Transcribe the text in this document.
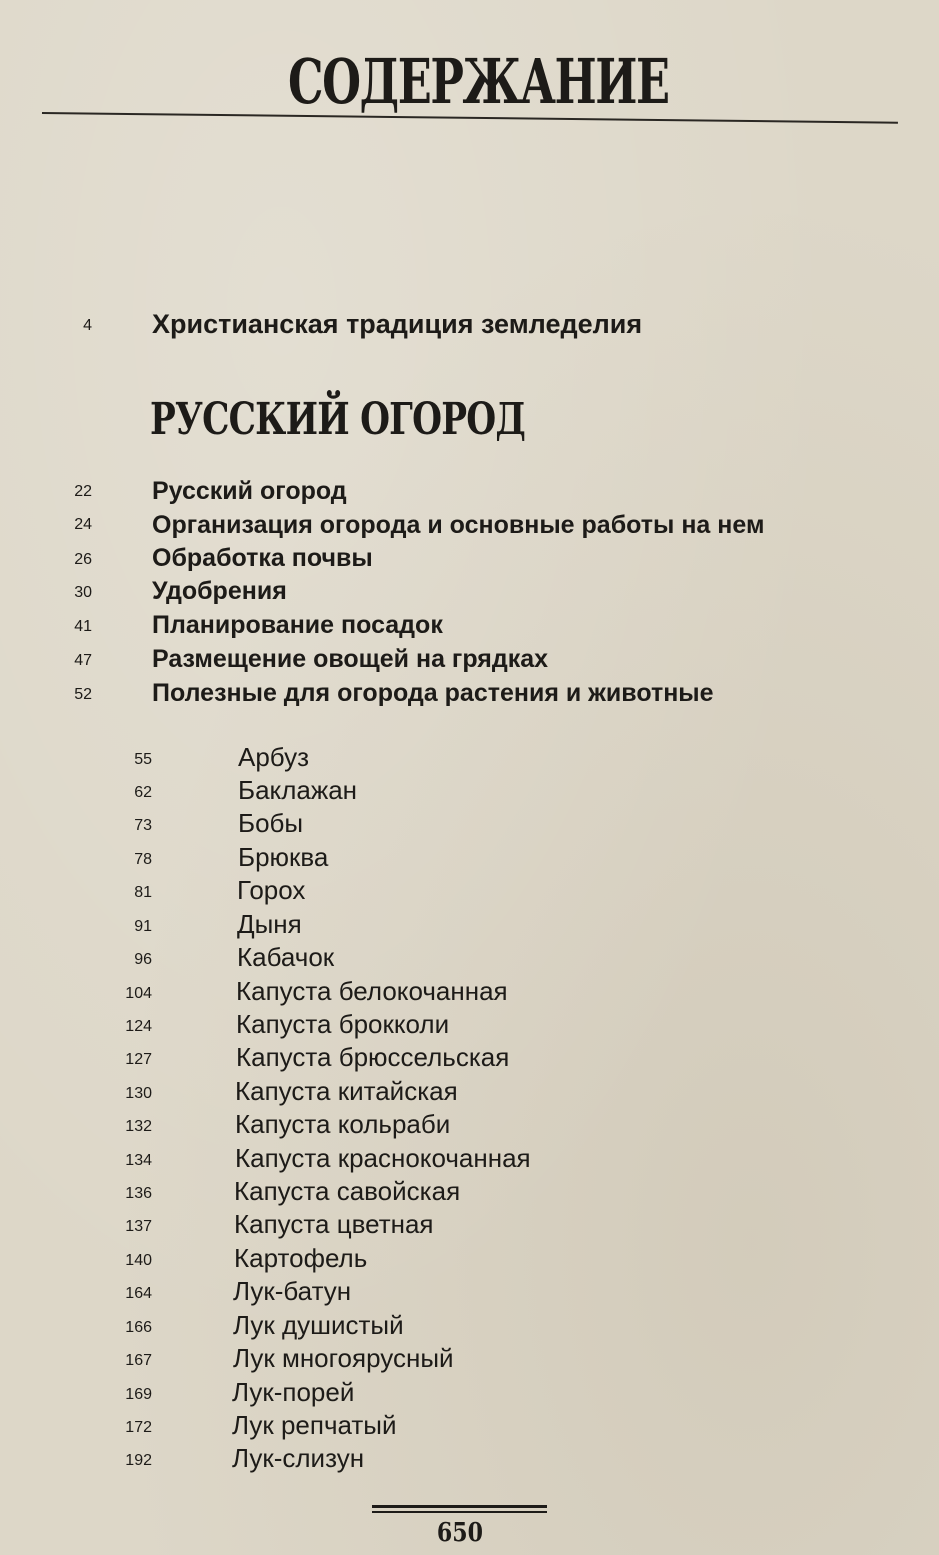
СОДЕРЖАНИЕ
4 Христианская традиция земледелия
РУССКИЙ ОГОРОД
22 Русский огород
24 Организация огорода и основные работы на нем
26 Обработка почвы
30 Удобрения
41 Планирование посадок
47 Размещение овощей на грядках
52 Полезные для огорода растения и животные
55	Арбуз
62	Баклажан
73	Бобы
78	Брюква
81	Горох
91	Дыня
96	Кабачок
104	Капуста белокочанная
124	Капуста брокколи
127	Капуста брюссельская
130	Капуста китайская
132	Капуста кольраби
134	Капуста краснокочанная
136	Капуста савойская
137	Капуста цветная
140	Картофель
164	Лук-батун
166	Лук душистый
167	Лук многоярусный
169	Лук-порей
172	Лук репчатый
192	Лук-слизун
650
